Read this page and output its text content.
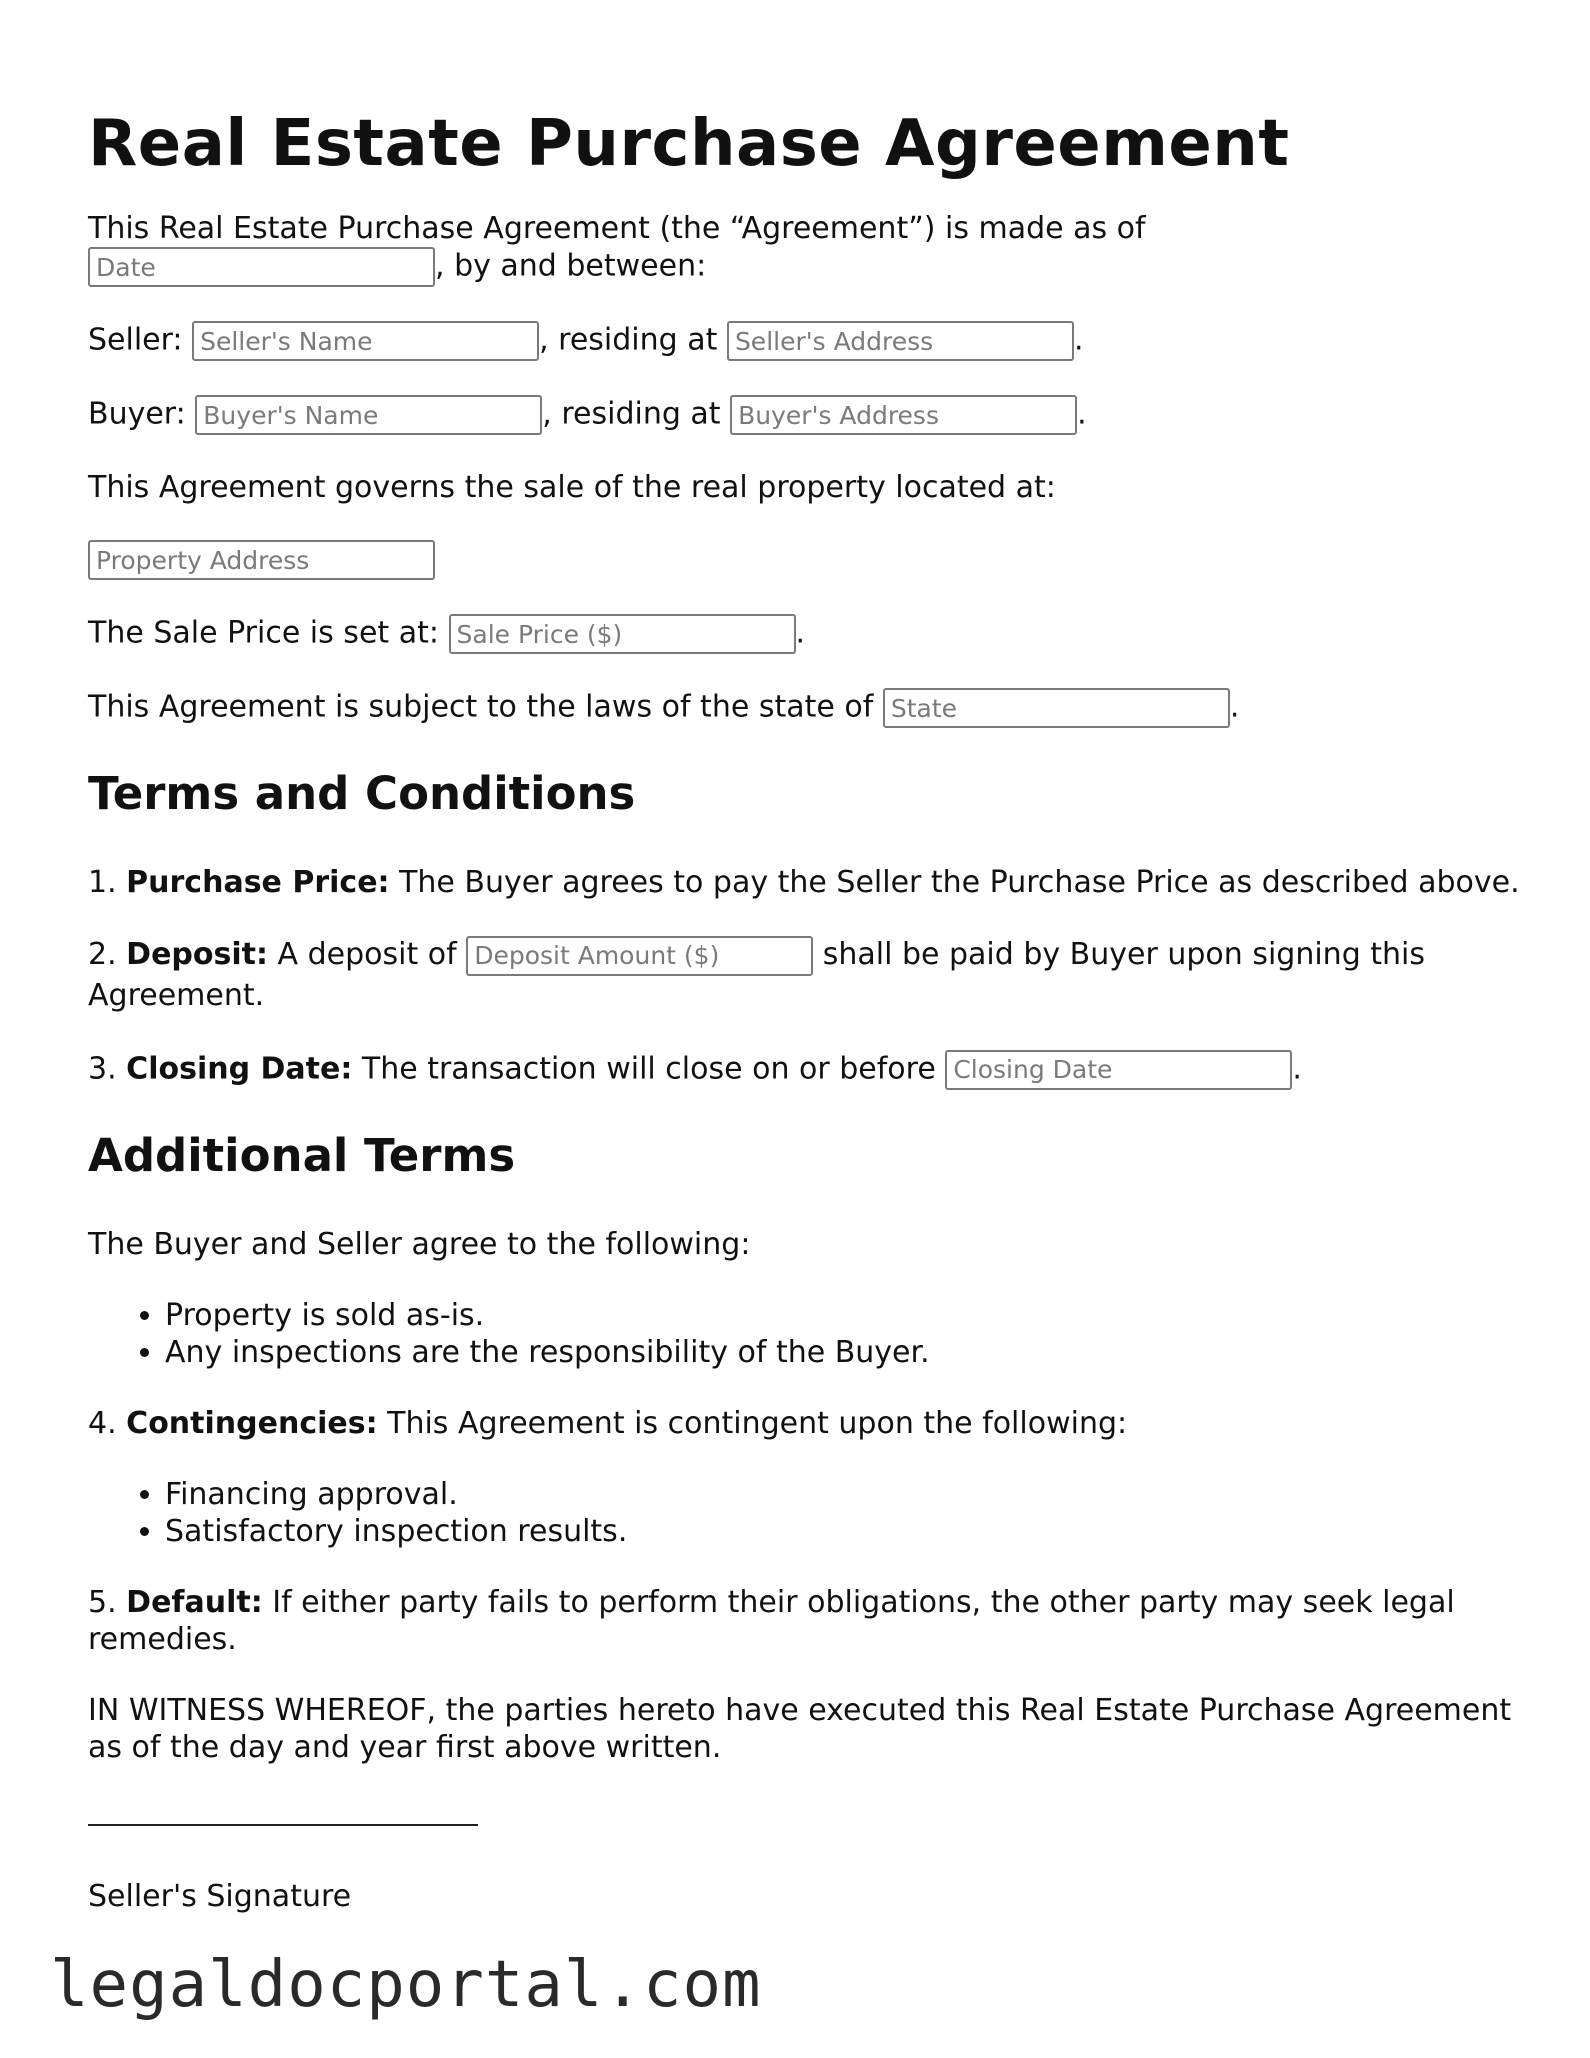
Real Estate Purchase Agreement

This Real Estate Purchase Agreement (the “Agreement”) is made as of
Date, by and between:

Seller: Seller's Name	, residing at Seller's Address	.

Buyer: Buyer's Name	, residing at Buyer's Address	.

This Agreement governs the sale of the real property located at:

Property Address

The Sale Price is set at: Sale Price ($)	.

This Agreement is subject to the laws of the state of State	.

Terms and Conditions

1. Purchase Price: The Buyer agrees to pay the Seller the Purchase Price as described above.

2. Deposit: A deposit of Deposit Amount ($)	shall be paid by Buyer upon signing this Agreement.

3. Closing Date: The transaction will close on or before Closing Date	.

Additional Terms

The Buyer and Seller agree to the following:

• Property is sold as-is.
• Any inspections are the responsibility of the Buyer.

4. Contingencies: This Agreement is contingent upon the following:

• Financing approval.
• Satisfactory inspection results.

5. Default: If either party fails to perform their obligations, the other party may seek legal remedies.

IN WITNESS WHEREOF, the parties hereto have executed this Real Estate Purchase Agreement as of the day and year first above written.

Seller's Signature
legaldocportal.com
